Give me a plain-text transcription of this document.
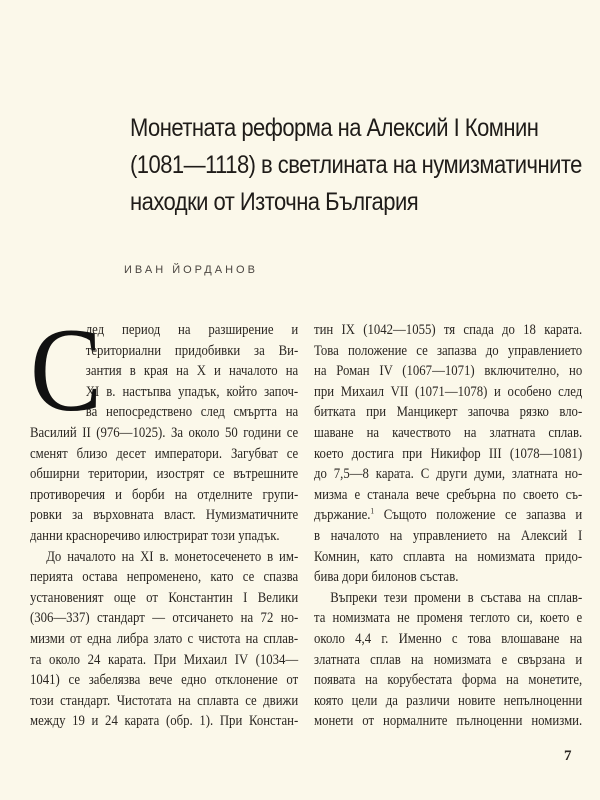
Монетната реформа на Алексий I Комнин
(1081—1118) в светлината на нумизматичните
находки от Източна България
ИВАН ЙОРДАНОВ
С

лед период на разширение и
териториални придобивки за Ви-
зантия в края на X и началото на
XI в. настъпва упадък, който започ-
ва непосредствено след смъртта на
Василий II (976—1025). За около 50 години се
сменят близо десет императори. Загубват се
обширни територии, изострят се вътрешните
противоречия и борби на отделните групи-
ровки за върховната власт. Нумизматичните
данни красноречиво илюстрират този упадък.

До началото на XI в. монетосеченето в им-
перията остава непроменено, като се спазва
установеният още от Константин I Велики
(306—337) стандарт — отсичането на 72 но-
мизми от една либра злато с чистота на сплав-
та около 24 карата. При Михаил IV (1034—
1041) се забелязва вече едно отклонение от
този стандарт. Чистотата на сплавта се движи
между 19 и 24 карата (обр. 1). При Констан-

тин IX (1042—1055) тя спада до 18 карата.
Това положение се запазва до управлението
на Роман IV (1067—1071) включително, но
при Михаил VII (1071—1078) и особено след
битката при Манцикерт започва рязко вло-
шаване на качеството на златната сплав.
което достига при Никифор III (1078—1081)
до 7,5—8 карата. С други думи, златната но-
мизма е станала вече сребърна по своето съ-
държание.$^1$ Същото положение се запазва и
в началото на управлението на Алексий I
Комнин, като сплавта на номизмата придо-
бива дори билонов състав.

Въпреки тези промени в състава на сплав-
та номизмата не променя теглото си, което е
около 4,4 г. Именно с това влошаване на
златната сплав на номизмата е свързана и
появата на корубестата форма на монетите,
която цели да различи новите непълноценни
монети от нормалните пълноценни номизми.

7
